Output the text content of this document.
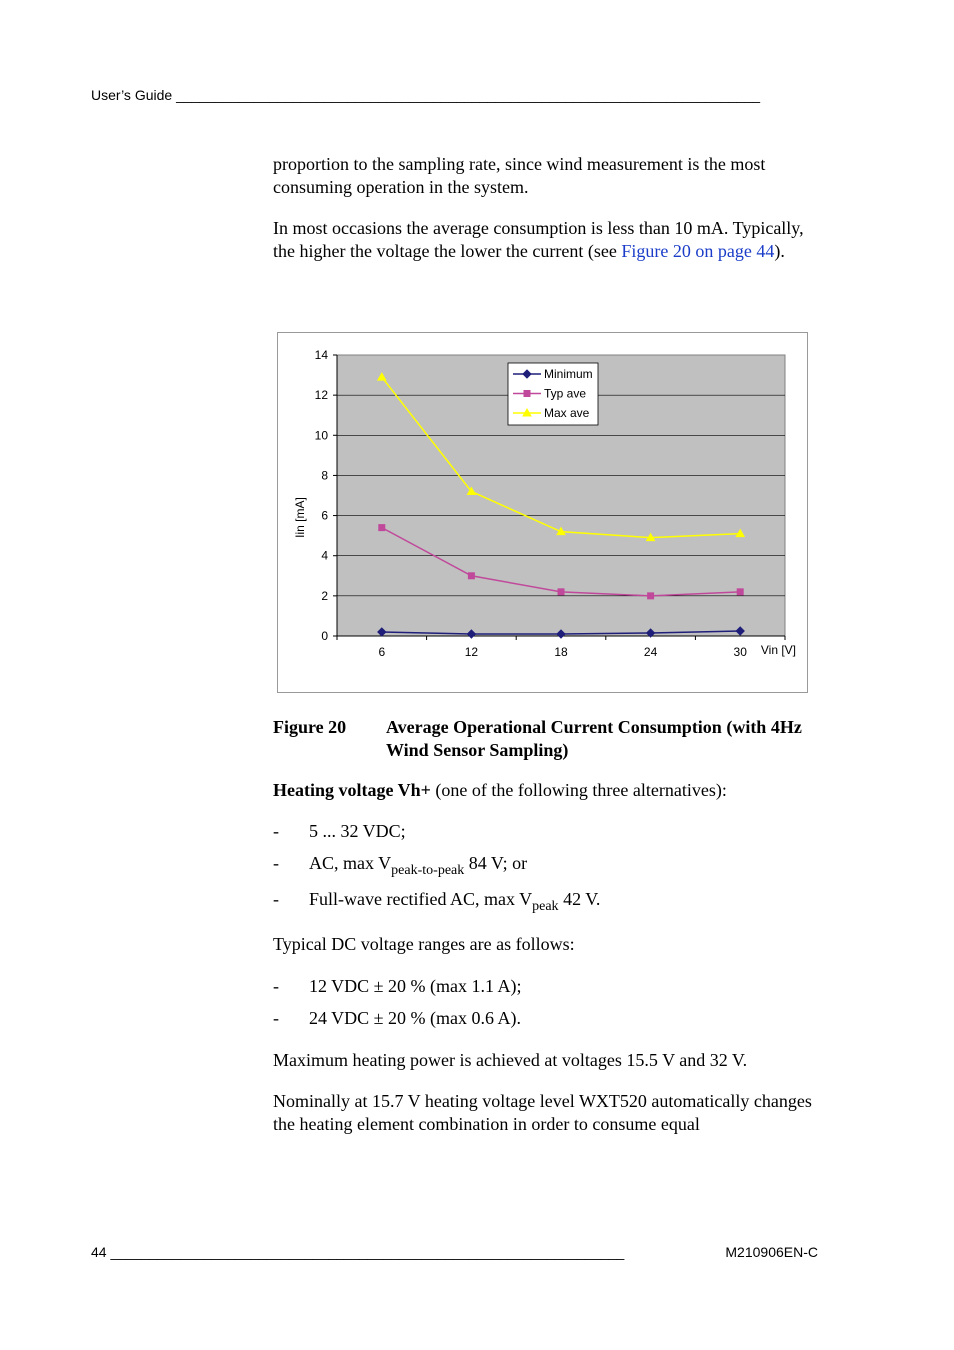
User’s Guide ___________________________________________________________________________
proportion to the sampling rate, since wind measurement is the most consuming operation in the system.
In most occasions the average consumption is less than 10 mA. Typically, the higher the voltage the lower the current (see Figure 20 on page 44).
0
2
4
6
8
10
12
14
6	12	18	24	30 Vin [V]
Iin [mA]
Minimum
Typ ave
Max ave
Figure 20 Average Operational Current Consumption (with 4Hz Wind Sensor Sampling)
Heating voltage Vh+ (one of the following three alternatives):
- 5 ... 32 VDC;
- AC, $\max V_{peak-to-peak}$ 84 V; or
- Full-wave rectified AC, $\max V_{peak}$ 42 V.
Typical DC voltage ranges are as follows:
- 12 VDC ± 20 % (max 1.1 A);
- 24 VDC ± 20 % (max 0.6 A).
Maximum heating power is achieved at voltages 15.5 V and 32 V.
Nominally at 15.7 V heating voltage level WXT520 automatically changes the heating element combination in order to consume equal
44 __________________________________________________________________	M210906EN-C
